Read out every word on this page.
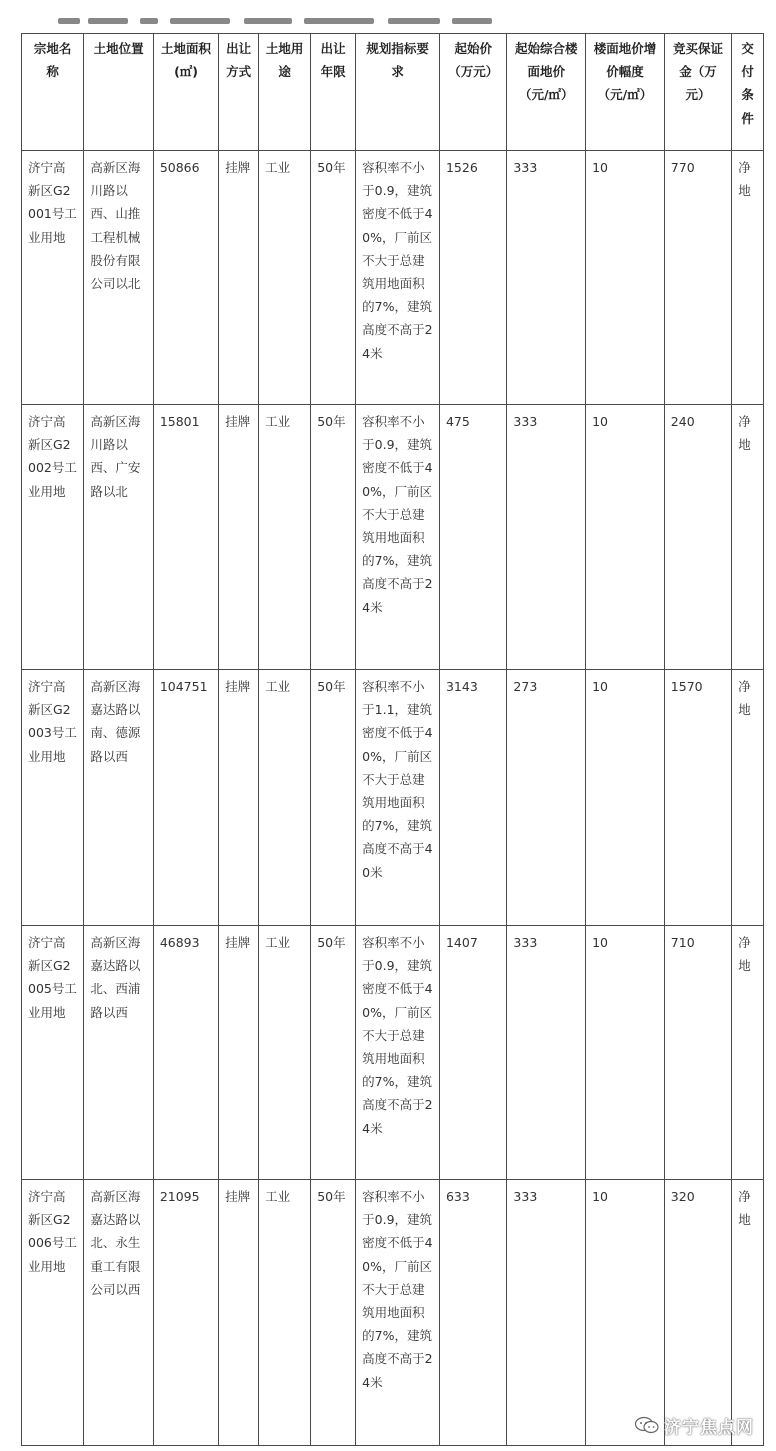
宗地名称	土地位置	土地面积(㎡)	出让方式	土地用途	出让年限	规划指标要求	起始价（万元）	起始综合楼面地价（元/㎡）	楼面地价增价幅度（元/㎡）	竞买保证金（万元）	交付条件
济宁高新区G2001号工业用地	高新区海川路以西、山推工程机械股份有限公司以北	50866	挂牌	工业	50年	容积率不小于0.9，建筑密度不低于40%，厂前区不大于总建筑用地面积的7%，建筑高度不高于24米	1526	333	10	770	净地
济宁高新区G2002号工业用地	高新区海川路以西、广安路以北	15801	挂牌	工业	50年	容积率不小于0.9，建筑密度不低于40%，厂前区不大于总建筑用地面积的7%，建筑高度不高于24米	475	333	10	240	净地
济宁高新区G2003号工业用地	高新区海嘉达路以南、德源路以西	104751	挂牌	工业	50年	容积率不小于1.1，建筑密度不低于40%，厂前区不大于总建筑用地面积的7%，建筑高度不高于40米	3143	273	10	1570	净地
济宁高新区G2005号工业用地	高新区海嘉达路以北、西浦路以西	46893	挂牌	工业	50年	容积率不小于0.9，建筑密度不低于40%，厂前区不大于总建筑用地面积的7%，建筑高度不高于24米	1407	333	10	710	净地
济宁高新区G2006号工业用地	高新区海嘉达路以北、永生重工有限公司以西	21095	挂牌	工业	50年	容积率不小于0.9，建筑密度不低于40%，厂前区不大于总建筑用地面积的7%，建筑高度不高于24米	633	333	10	320	净地
济宁焦点网
